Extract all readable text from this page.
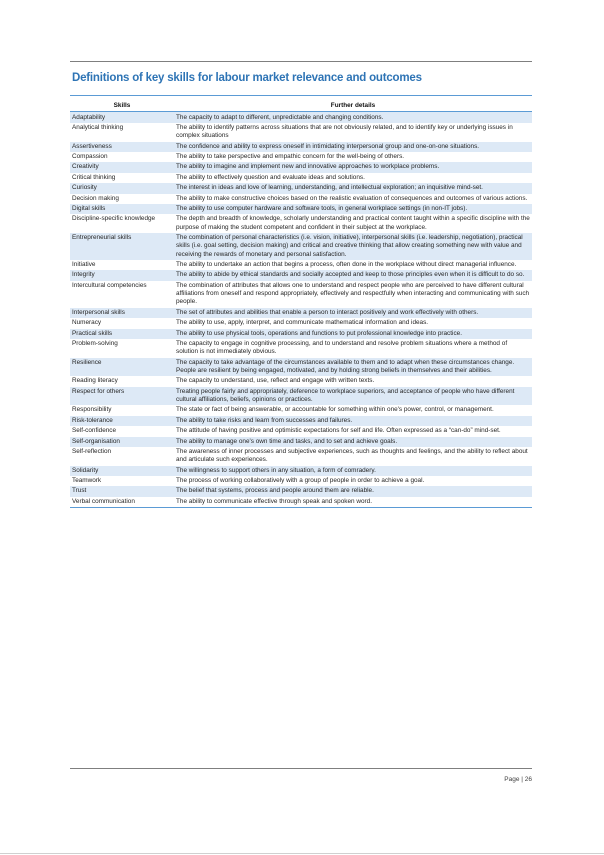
Definitions of key skills for labour market relevance and outcomes
Skills	Further details
Adaptability	The capacity to adapt to different, unpredictable and changing conditions.
Analytical thinking	The ability to identify patterns across situations that are not obviously related, and to identify key or underlying issues in complex situations
Assertiveness	The confidence and ability to express oneself in intimidating interpersonal group and one-on-one situations.
Compassion	The ability to take perspective and empathic concern for the well-being of others.
Creativity	The ability to imagine and implement new and innovative approaches to workplace problems.
Critical thinking	The ability to effectively question and evaluate ideas and solutions.
Curiosity	The interest in ideas and love of learning, understanding, and intellectual exploration; an inquisitive mind-set.
Decision making	The ability to make constructive choices based on the realistic evaluation of consequences and outcomes of various actions.
Digital skills	The ability to use computer hardware and software tools, in general workplace settings (in non-IT jobs).
Discipline-specific knowledge	The depth and breadth of knowledge, scholarly understanding and practical content taught within a specific discipline with the purpose of making the student competent and confident in their subject at the workplace.
Entrepreneurial skills	The combination of personal characteristics (i.e. vision, initiative), interpersonal skills (i.e. leadership, negotiation), practical skills (i.e. goal setting, decision making) and critical and creative thinking that allow creating something new with value and receiving the rewards of monetary and personal satisfaction.
Initiative	The ability to undertake an action that begins a process, often done in the workplace without direct managerial influence.
Integrity	The ability to abide by ethical standards and socially accepted and keep to those principles even when it is difficult to do so.
Intercultural competencies	The combination of attributes that allows one to understand and respect people who are perceived to have different cultural affiliations from oneself and respond appropriately, effectively and respectfully when interacting and communicating with such people.
Interpersonal skills	The set of attributes and abilities that enable a person to interact positively and work effectively with others.
Numeracy	The ability to use, apply, interpret, and communicate mathematical information and ideas.
Practical skills	The ability to use physical tools, operations and functions to put professional knowledge into practice.
Problem-solving	The capacity to engage in cognitive processing, and to understand and resolve problem situations where a method of solution is not immediately obvious.
Resilience	The capacity to take advantage of the circumstances available to them and to adapt when these circumstances change. People are resilient by being engaged, motivated, and by holding strong beliefs in themselves and their abilities.
Reading literacy	The capacity to understand, use, reflect and engage with written texts.
Respect for others	Treating people fairly and appropriately, deference to workplace superiors, and acceptance of people who have different cultural affiliations, beliefs, opinions or practices.
Responsibility	The state or fact of being answerable, or accountable for something within one's power, control, or management.
Risk-tolerance	The ability to take risks and learn from successes and failures.
Self-confidence	The attitude of having positive and optimistic expectations for self and life. Often expressed as a “can-do” mind-set.
Self-organisation	The ability to manage one's own time and tasks, and to set and achieve goals.
Self-reflection	The awareness of inner processes and subjective experiences, such as thoughts and feelings, and the ability to reflect about and articulate such experiences.
Solidarity	The willingness to support others in any situation, a form of comradery.
Teamwork	The process of working collaboratively with a group of people in order to achieve a goal.
Trust	The belief that systems, process and people around them are reliable.
Verbal communication	The ability to communicate effective through speak and spoken word.
Page | 26
